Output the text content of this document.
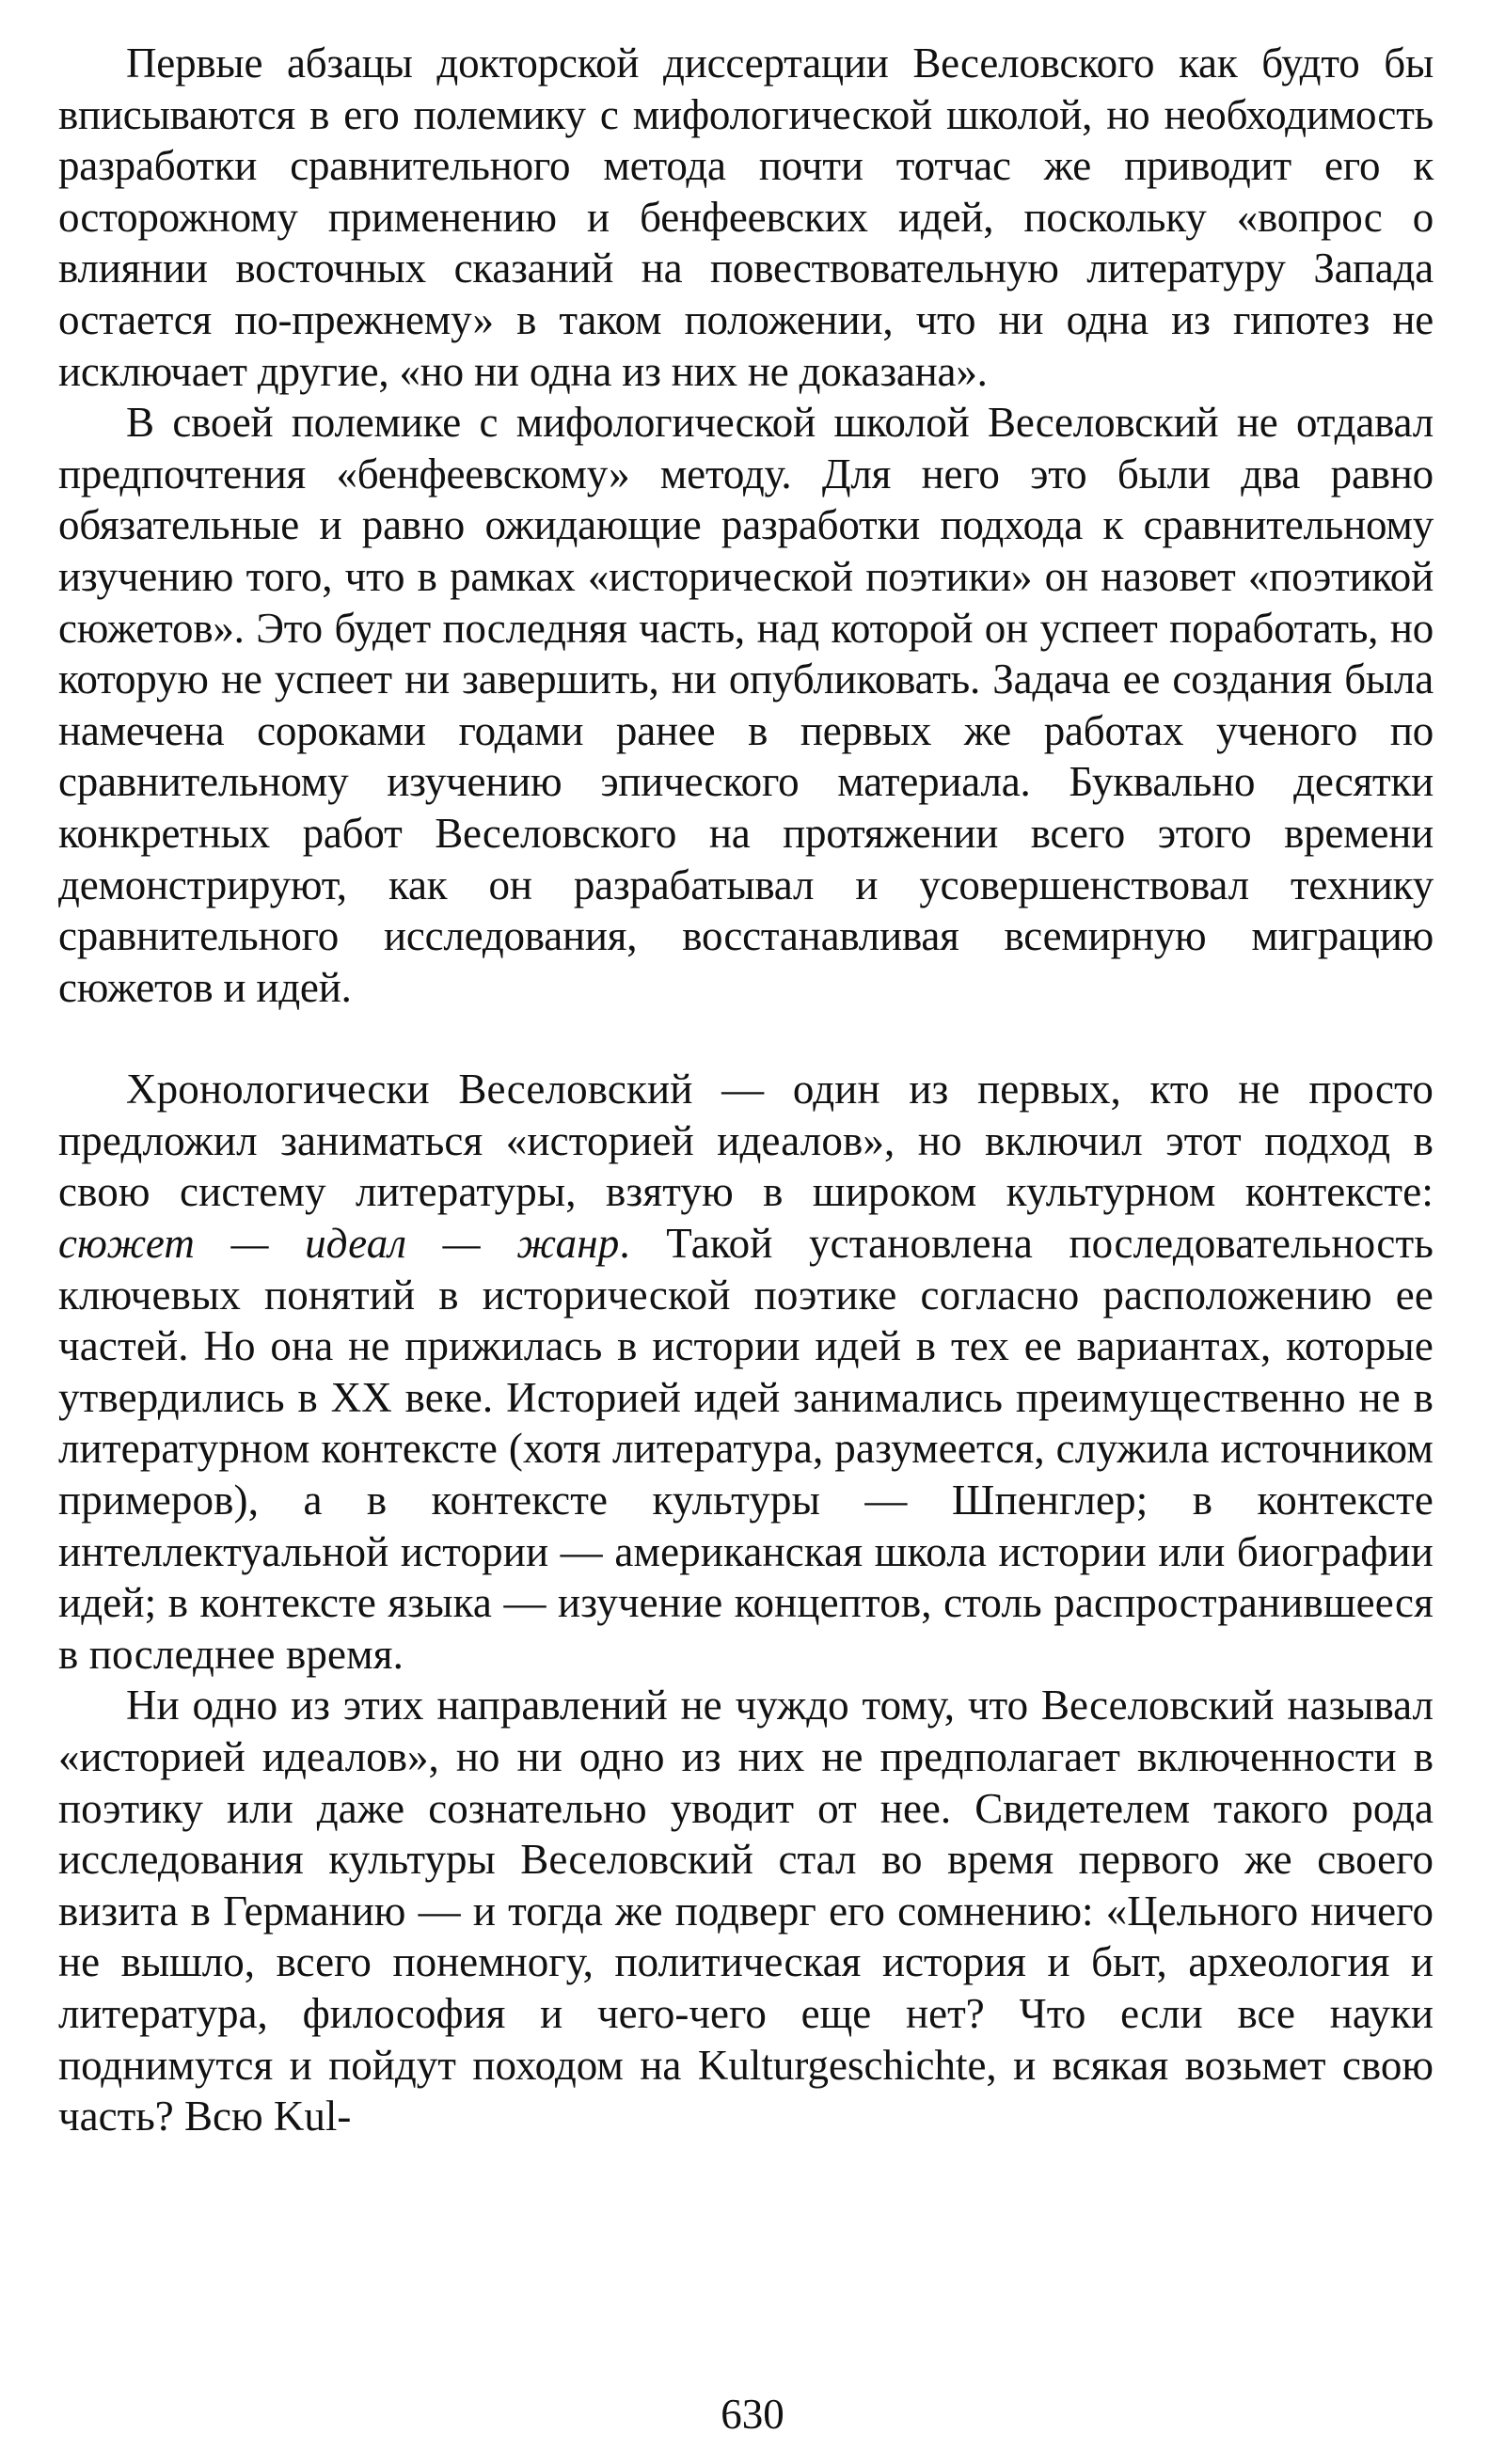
Первые абзацы докторской диссертации Веселовского как будто бы вписываются в его полемику с мифологической школой, но необходимость разработки сравнительного метода почти тотчас же приводит его к осторожному применению и бенфеевских идей, поскольку «вопрос о влиянии восточных сказаний на повествовательную литературу Запада остается по-прежнему» в таком положении, что ни одна из гипотез не исключает другие, «но ни одна из них не доказана».

В своей полемике с мифологической школой Веселовский не отдавал предпочтения «бенфеевскому» методу. Для него это были два равно обязательные и равно ожидающие разработки подхода к сравнительному изучению того, что в рамках «исторической поэтики» он назовет «поэтикой сюжетов». Это будет последняя часть, над которой он успеет поработать, но которую не успеет ни завершить, ни опубликовать. Задача ее создания была намечена сороками годами ранее в первых же работах ученого по сравнительному изучению эпического материала. Буквально десятки конкретных работ Веселовского на протяжении всего этого времени демонстрируют, как он разрабатывал и усовершенствовал технику сравнительного исследования, восстанавливая всемирную миграцию сюжетов и идей.

Хронологически Веселовский — один из первых, кто не просто предложил заниматься «историей идеалов», но включил этот подход в свою систему литературы, взятую в широком культурном контексте: сюжет — идеал — жанр. Такой установлена последовательность ключевых понятий в исторической поэтике согласно расположению ее частей. Но она не прижилась в истории идей в тех ее вариантах, которые утвердились в XX веке. Историей идей занимались преимущественно не в литературном контексте (хотя литература, разумеется, служила источником примеров), а в контексте культуры — Шпенглер; в контексте интеллектуальной истории — американская школа истории или биографии идей; в контексте языка — изучение концептов, столь распространившееся в последнее время.

Ни одно из этих направлений не чуждо тому, что Веселовский называл «историей идеалов», но ни одно из них не предполагает включенности в поэтику или даже сознательно уводит от нее. Свидетелем такого рода исследования культуры Веселовский стал во время первого же своего визита в Германию — и тогда же подверг его сомнению: «Цельного ничего не вышло, всего понемногу, политическая история и быт, археология и литература, философия и чего-чего еще нет? Что если все науки поднимутся и пойдут походом на Kulturgeschichte, и всякая возьмет свою часть? Всю Kul-

630
